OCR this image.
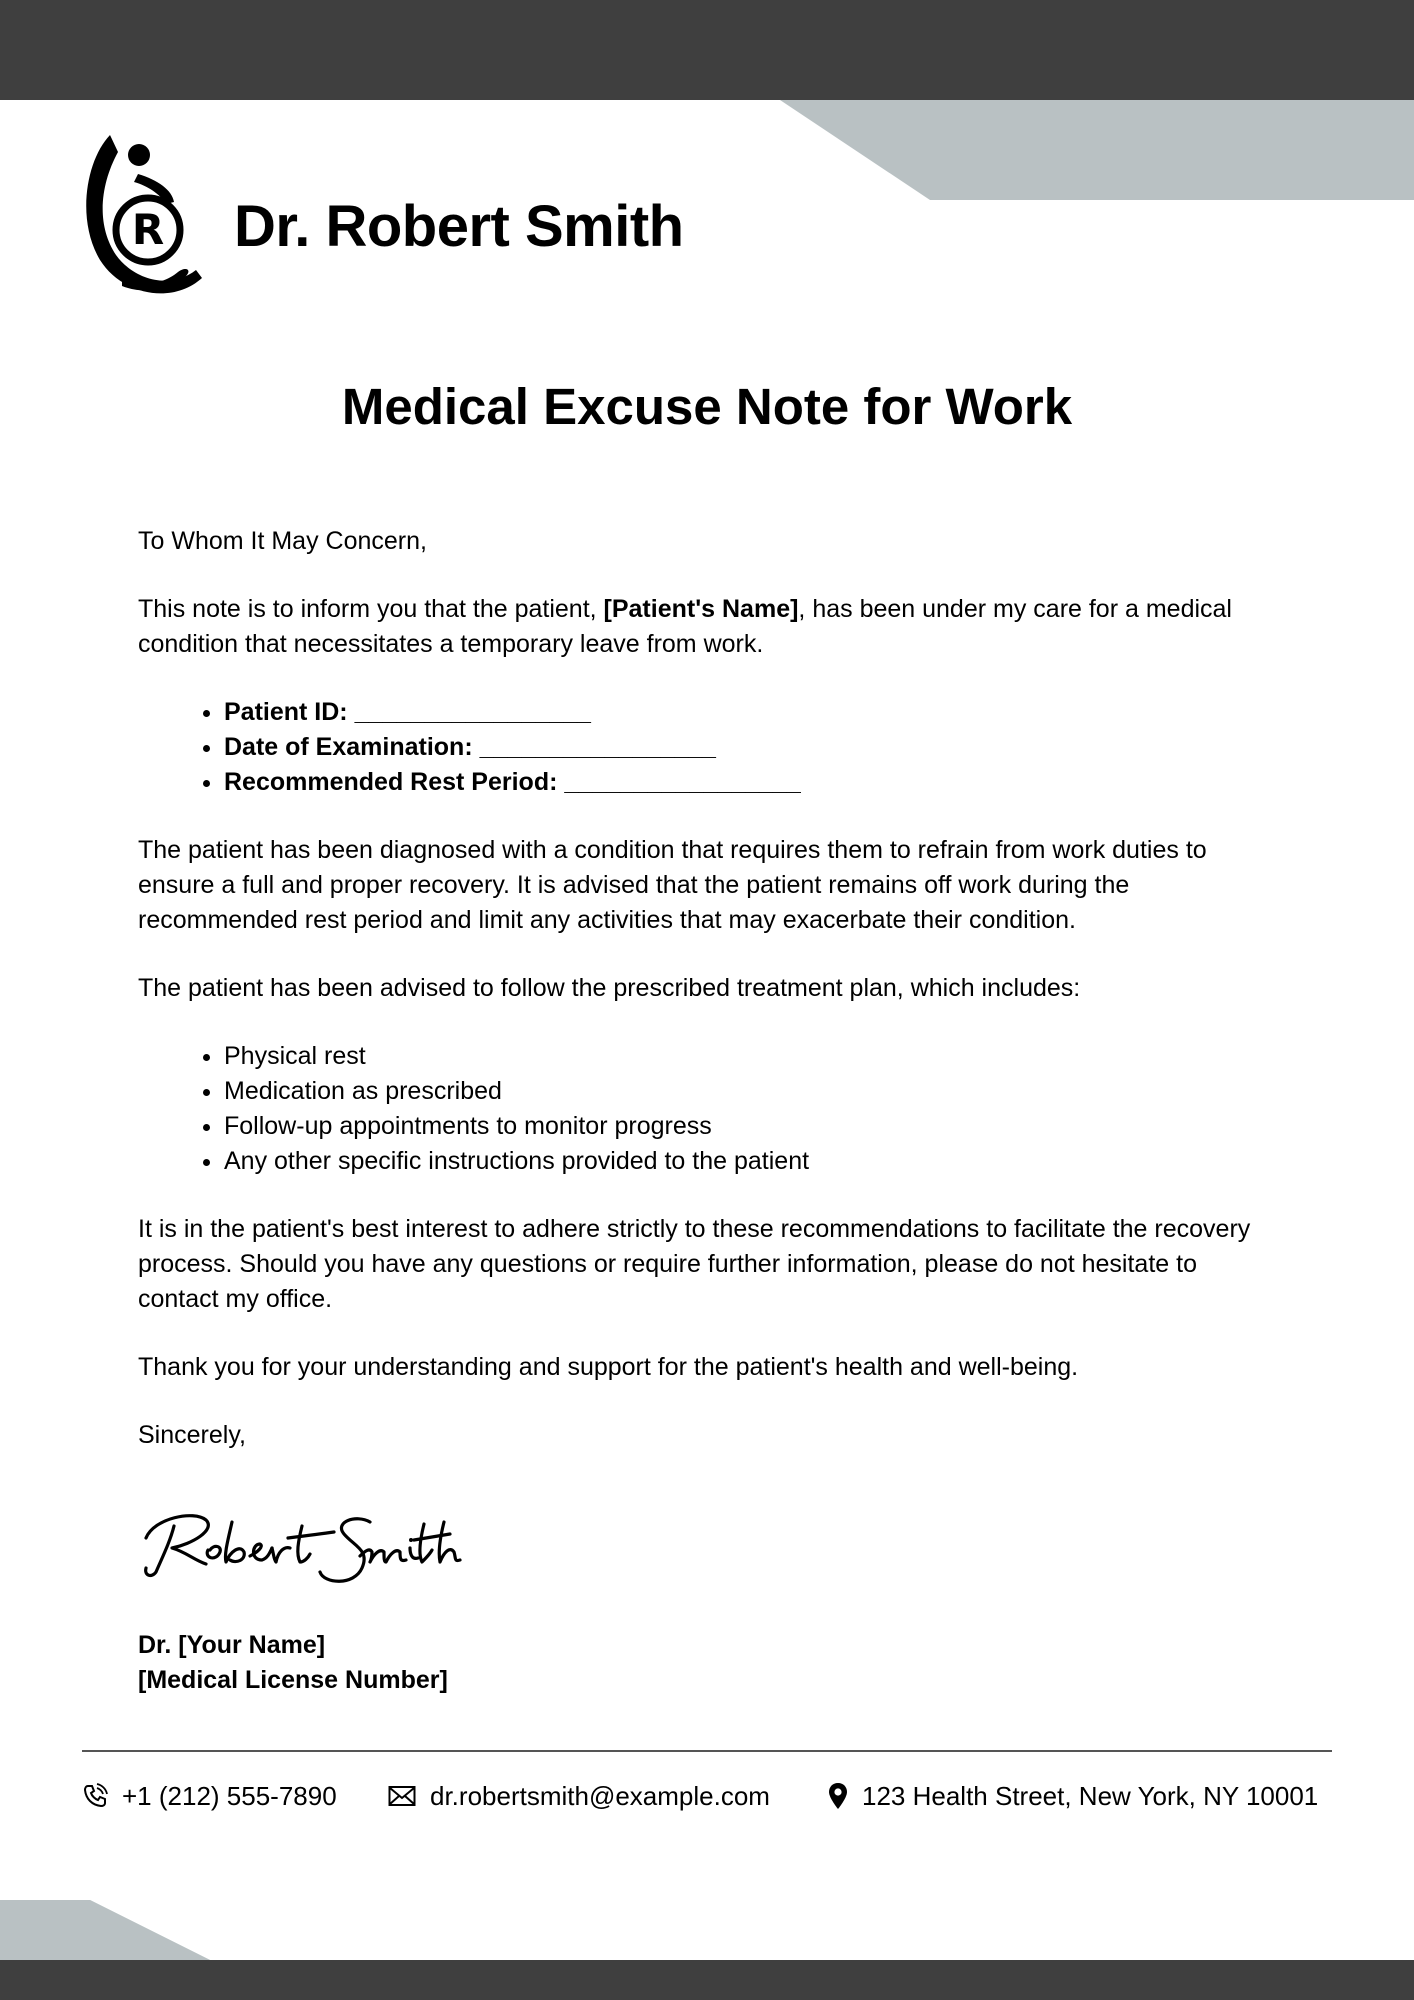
R Dr. Robert Smith
Medical Excuse Note for Work

To Whom It May Concern,

This note is to inform you that the patient, [Patient's Name], has been under my care for a medical condition that necessitates a temporary leave from work.

• Patient ID: _________________
• Date of Examination: _________________
• Recommended Rest Period: _________________

The patient has been diagnosed with a condition that requires them to refrain from work duties to ensure a full and proper recovery. It is advised that the patient remains off work during the recommended rest period and limit any activities that may exacerbate their condition.

The patient has been advised to follow the prescribed treatment plan, which includes:

• Physical rest
• Medication as prescribed
• Follow-up appointments to monitor progress
• Any other specific instructions provided to the patient

It is in the patient's best interest to adhere strictly to these recommendations to facilitate the recovery process. Should you have any questions or require further information, please do not hesitate to contact my office.

Thank you for your understanding and support for the patient's health and well-being.

Sincerely,

Dr. [Your Name]
[Medical License Number]
+1 (212) 555-7890	dr.robertsmith@example.com	123 Health Street, New York, NY 10001
